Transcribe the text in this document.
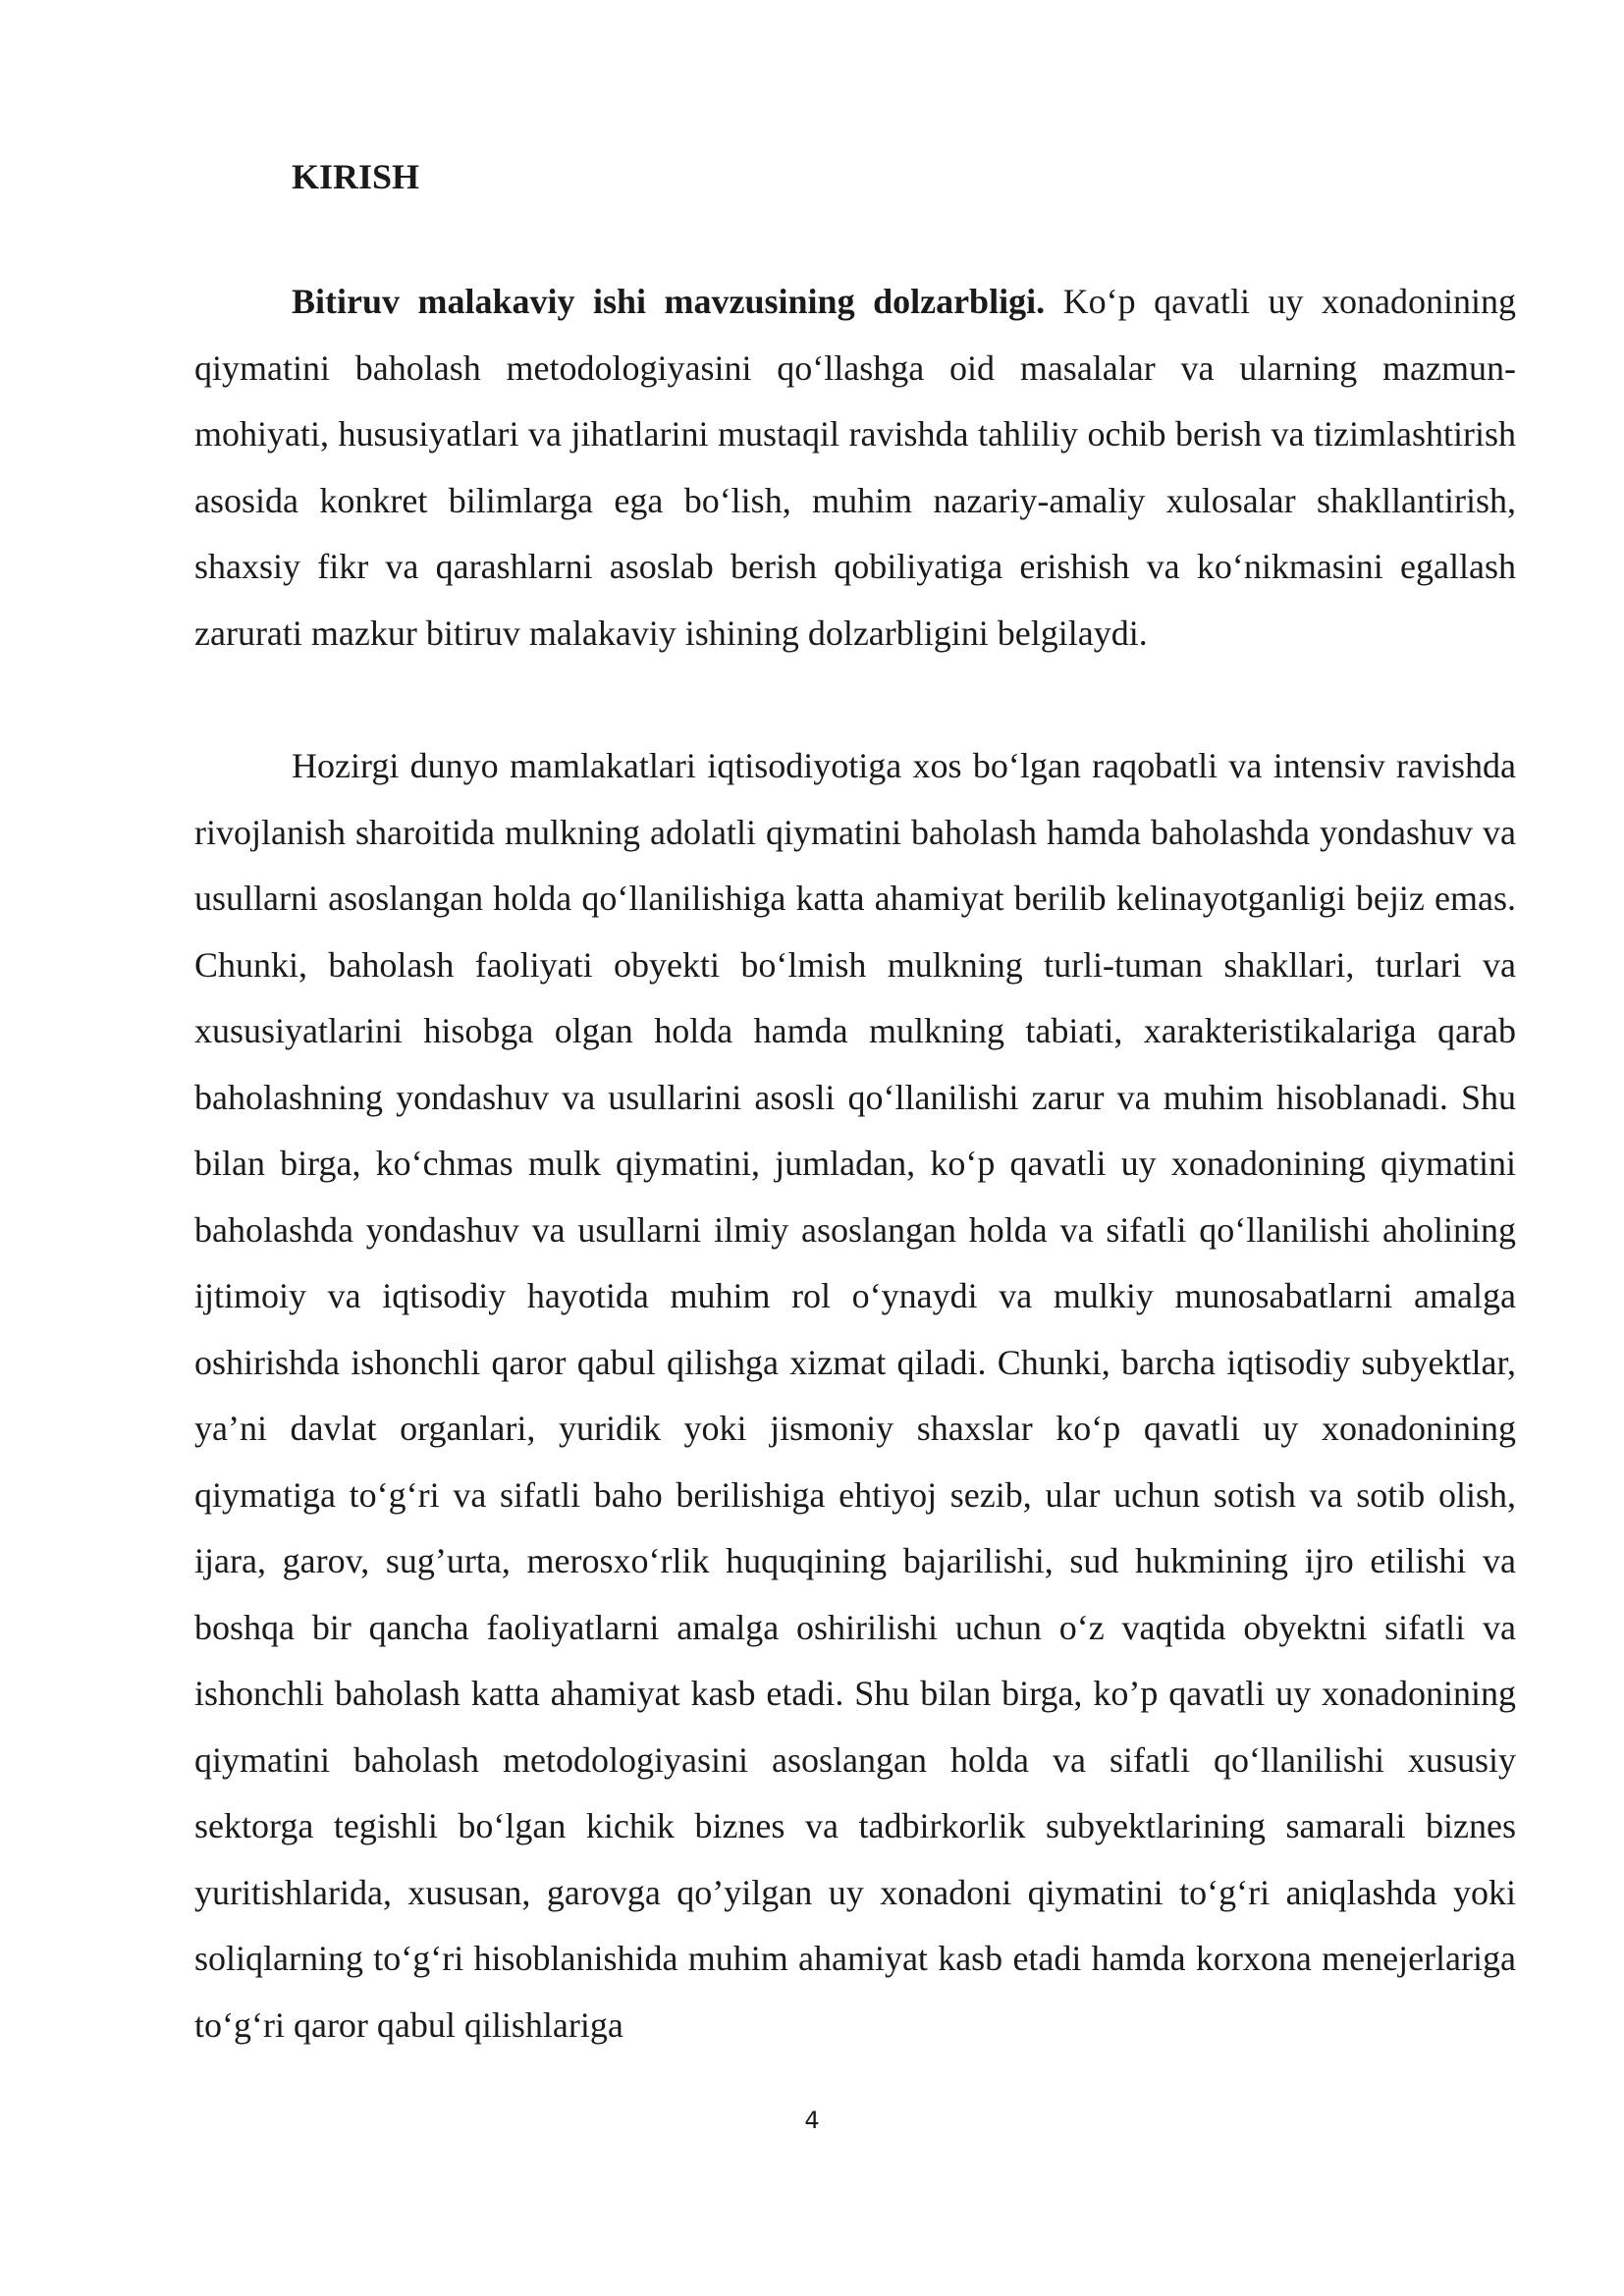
KIRISH

Bitiruv malakaviy ishi mavzusining dolzarbligi. Ko‘p qavatli uy xonadonining qiymatini baholash metodologiyasini qo‘llashga oid masalalar va ularning mazmun-mohiyati, hususiyatlari va jihatlarini mustaqil ravishda tahliliy ochib berish va tizimlashtirish asosida konkret bilimlarga ega bo‘lish, muhim nazariy-amaliy xulosalar shakllantirish, shaxsiy fikr va qarashlarni asoslab berish qobiliyatiga erishish va ko‘nikmasini egallash zarurati mazkur bitiruv malakaviy ishining dolzarbligini belgilaydi.

Hozirgi dunyo mamlakatlari iqtisodiyotiga xos bo‘lgan raqobatli va intensiv ravishda rivojlanish sharoitida mulkning adolatli qiymatini baholash hamda baholashda yondashuv va usullarni asoslangan holda qo‘llanilishiga katta ahamiyat berilib kelinayotganligi bejiz emas. Chunki, baholash faoliyati obyekti bo‘lmish mulkning turli-tuman shakllari, turlari va xususiyatlarini hisobga olgan holda hamda mulkning tabiati, xarakteristikalariga qarab baholashning yondashuv va usullarini asosli qo‘llanilishi zarur va muhim hisoblanadi. Shu bilan birga, ko‘chmas mulk qiymatini, jumladan, ko‘p qavatli uy xonadonining qiymatini baholashda yondashuv va usullarni ilmiy asoslangan holda va sifatli qo‘llanilishi aholining ijtimoiy va iqtisodiy hayotida muhim rol o‘ynaydi va mulkiy munosabatlarni amalga oshirishda ishonchli qaror qabul qilishga xizmat qiladi. Chunki, barcha iqtisodiy subyektlar, ya’ni davlat organlari, yuridik yoki jismoniy shaxslar ko‘p qavatli uy xonadonining qiymatiga to‘g‘ri va sifatli baho berilishiga ehtiyoj sezib, ular uchun sotish va sotib olish, ijara, garov, sug’urta, merosxo‘rlik huquqining bajarilishi, sud hukmining ijro etilishi va boshqa bir qancha faoliyatlarni amalga oshirilishi uchun o‘z vaqtida obyektni sifatli va ishonchli baholash katta ahamiyat kasb etadi. Shu bilan birga, ko’p qavatli uy xonadonining qiymatini baholash metodologiyasini asoslangan holda va sifatli qo‘llanilishi xususiy sektorga tegishli bo‘lgan kichik biznes va tadbirkorlik subyektlarining samarali biznes yuritishlarida, xususan, garovga qo’yilgan uy xonadoni qiymatini to‘g‘ri aniqlashda yoki soliqlarning to‘g‘ri hisoblanishida muhim ahamiyat kasb etadi hamda korxona menejerlariga to‘g‘ri qaror qabul qilishlariga

4
